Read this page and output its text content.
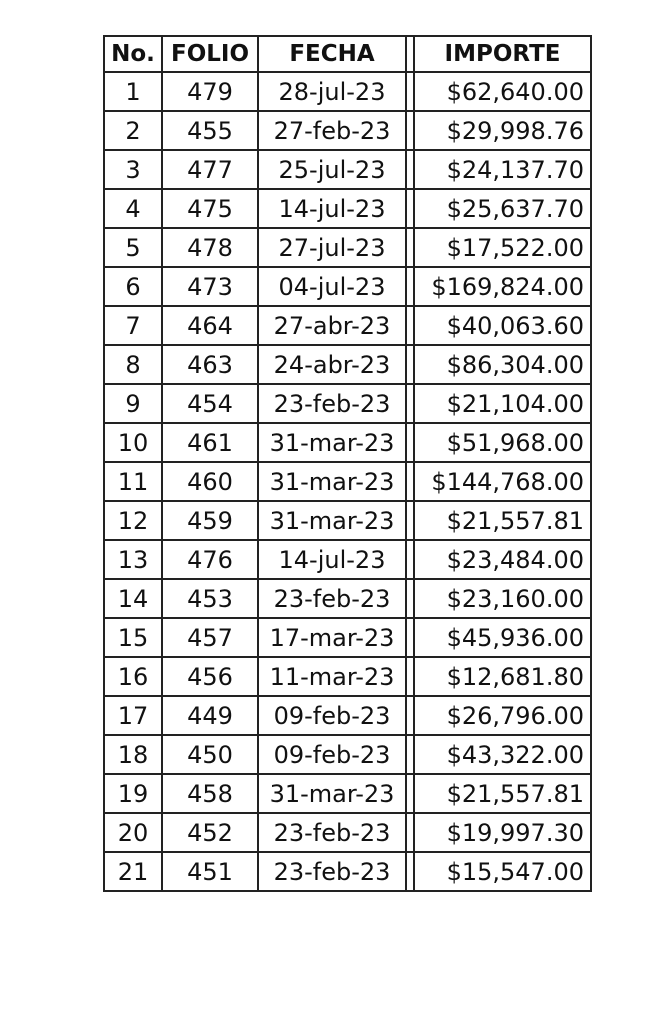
No.	FOLIO	FECHA		IMPORTE
1	479	28-jul-23		$62,640.00
2	455	27-feb-23		$29,998.76
3	477	25-jul-23		$24,137.70
4	475	14-jul-23		$25,637.70
5	478	27-jul-23		$17,522.00
6	473	04-jul-23		$169,824.00
7	464	27-abr-23		$40,063.60
8	463	24-abr-23		$86,304.00
9	454	23-feb-23		$21,104.00
10	461	31-mar-23		$51,968.00
11	460	31-mar-23		$144,768.00
12	459	31-mar-23		$21,557.81
13	476	14-jul-23		$23,484.00
14	453	23-feb-23		$23,160.00
15	457	17-mar-23		$45,936.00
16	456	11-mar-23		$12,681.80
17	449	09-feb-23		$26,796.00
18	450	09-feb-23		$43,322.00
19	458	31-mar-23		$21,557.81
20	452	23-feb-23		$19,997.30
21	451	23-feb-23		$15,547.00
